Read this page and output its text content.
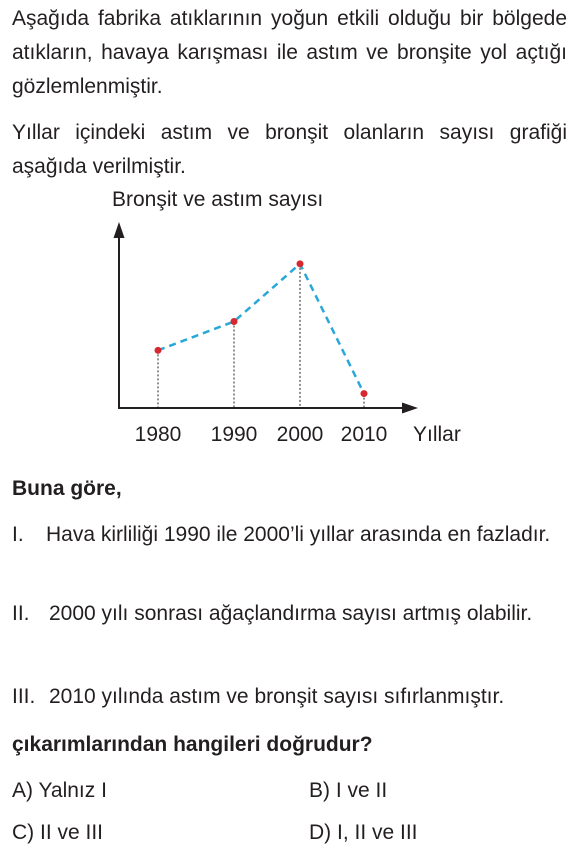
Aşağıda fabrika atıklarının yoğun etkili olduğu bir bölgede atıkların, havaya karışması ile astım ve bronşite yol açtığı gözlemlenmiştir.
Yıllar içindeki astım ve bronşit olanların sayısı grafiği aşağıda verilmiştir.
Bronşit ve astım sayısı
1980 1990 2000 2010 Yıllar
Buna göre,
I. Hava kirliliği 1990 ile 2000’li yıllar arasında en fazladır.
II. 2000 yılı sonrası ağaçlandırma sayısı artmış olabilir.
III. 2010 yılında astım ve bronşit sayısı sıfırlanmıştır.
çıkarımlarından hangileri doğrudur?
A) Yalnız I	B) I ve II
C) II ve III	D) I, II ve III
